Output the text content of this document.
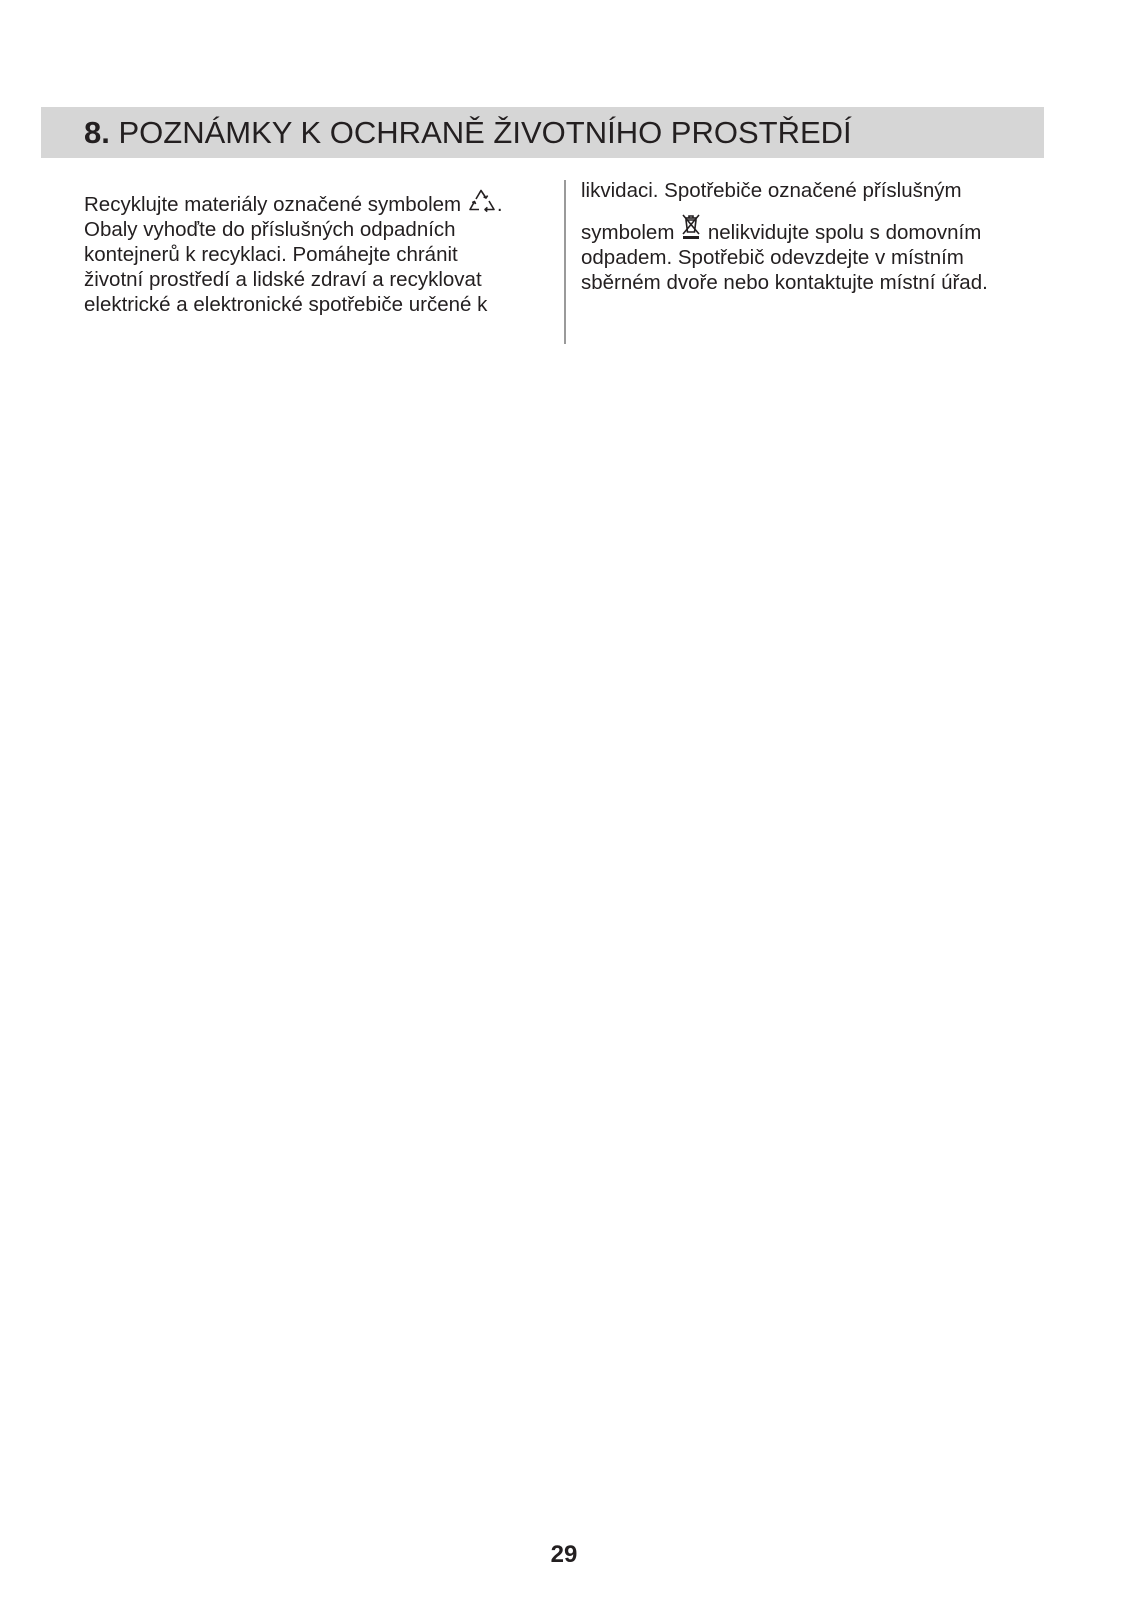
8. POZNÁMKY K OCHRANĚ ŽIVOTNÍHO PROSTŘEDÍ

Recyklujte materiály označené symbolem .

Obaly vyhoďte do příslušných odpadních

kontejnerů k recyklaci. Pomáhejte chránit

životní prostředí a lidské zdraví a recyklovat

elektrické a elektronické spotřebiče určené k

likvidaci. Spotřebiče označené příslušným

symbolem nelikvidujte spolu s domovním

odpadem. Spotřebič odevzdejte v místním

sběrném dvoře nebo kontaktujte místní úřad.

29
